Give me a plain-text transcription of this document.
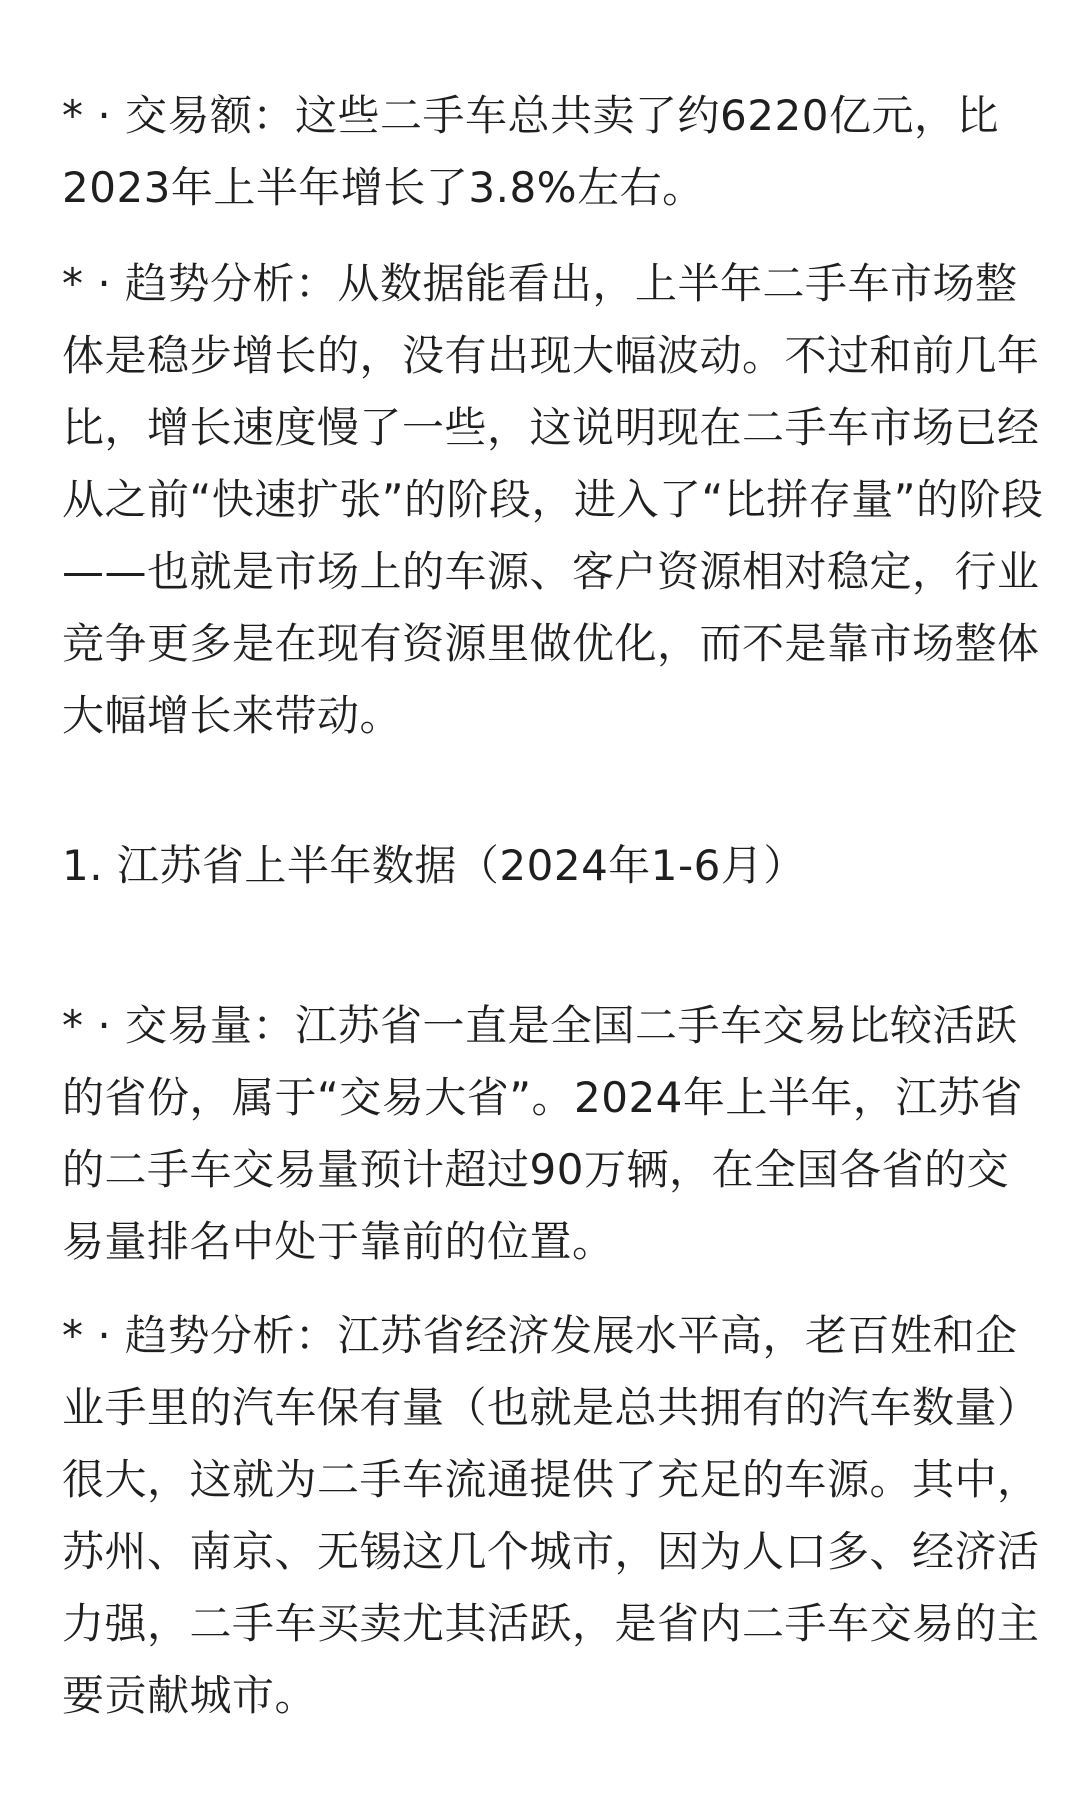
* · 交易额：这些二手车总共卖了约6220亿元，比
2023年上半年增长了3.8%左右。
* · 趋势分析：从数据能看出，上半年二手车市场整
体是稳步增长的，没有出现大幅波动。不过和前几年
比，增长速度慢了一些，这说明现在二手车市场已经
从之前“快速扩张”的阶段，进入了“比拼存量”的阶段
——也就是市场上的车源、客户资源相对稳定，行业
竞争更多是在现有资源里做优化，而不是靠市场整体
大幅增长来带动。
1. 江苏省上半年数据（2024年1-6月）
* · 交易量：江苏省一直是全国二手车交易比较活跃
的省份，属于“交易大省”。2024年上半年，江苏省
的二手车交易量预计超过90万辆，在全国各省的交
易量排名中处于靠前的位置。
* · 趋势分析：江苏省经济发展水平高，老百姓和企
业手里的汽车保有量（也就是总共拥有的汽车数量）
很大，这就为二手车流通提供了充足的车源。其中，
苏州、南京、无锡这几个城市，因为人口多、经济活
力强，二手车买卖尤其活跃，是省内二手车交易的主
要贡献城市。
